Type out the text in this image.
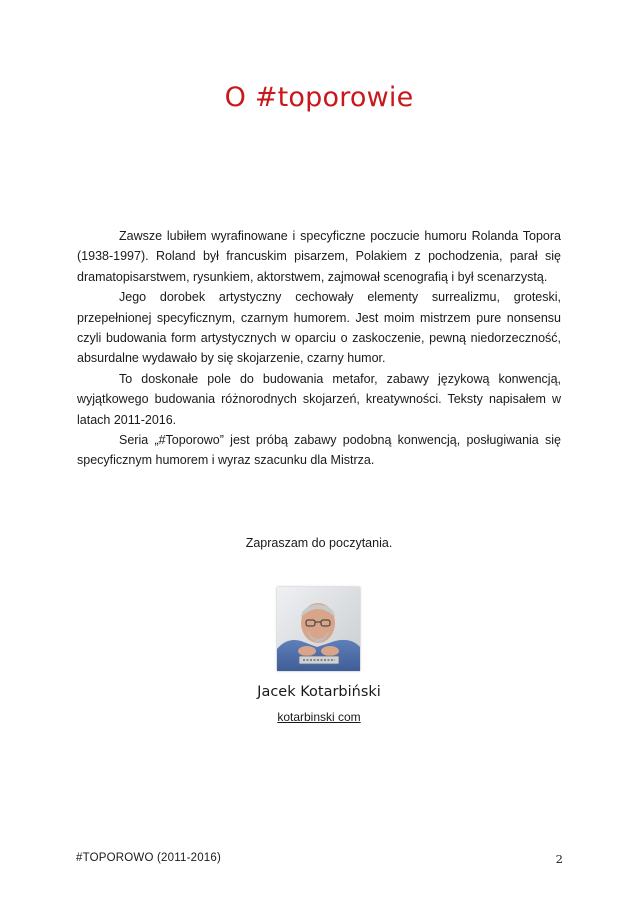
O #toporowie

Zawsze lubiłem wyrafinowane i specyficzne poczucie humoru Rolanda Topora (1938-1997). Roland był francuskim pisarzem, Polakiem z pochodzenia, parał się dramatopisarstwem, rysunkiem, aktorstwem, zajmował scenografią i był scenarzystą.

Jego dorobek artystyczny cechowały elementy surrealizmu, groteski, przepełnionej specyficznym, czarnym humorem. Jest moim mistrzem pure nonsensu czyli budowania form artystycznych w oparciu o zaskoczenie, pewną niedorzeczność, absurdalne wydawało by się skojarzenie, czarny humor.

To doskonałe pole do budowania metafor, zabawy językową konwencją, wyjątkowego budowania różnorodnych skojarzeń, kreatywności. Teksty napisałem w latach 2011-2016.

Seria „#Toporowo” jest próbą zabawy podobną konwencją, posługiwania się specyficznym humorem i wyraz szacunku dla Mistrza.

Zapraszam do poczytania.
Jacek Kotarbiński
kotarbinski com
#TOPOROWO (2011-2016)	2
